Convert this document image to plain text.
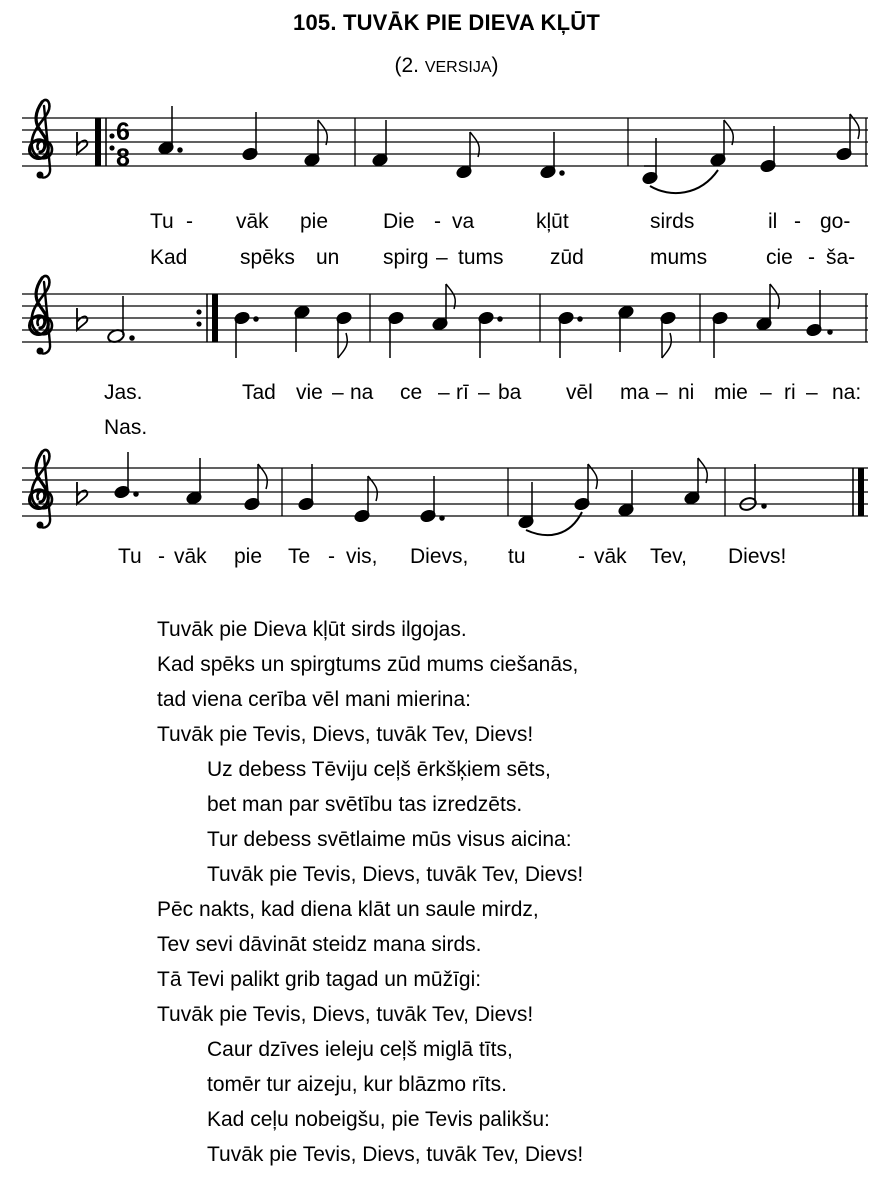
105. TUVĀK PIE DIEVA KĻŪT
(2. VERSIJA)
6
8
Tu - vāk pie	Die - va	kļūt	sirds	il - go-
Kad	spēks un spirg – tums zūd	mums	cie - ša-
Jas.	Tad vie – na ce – rī – ba vēl ma – ni mie – ri – na:
Nas.
Tu - vāk pie Te - vis, Dievs, tu - vāk Tev, Dievs!
Tuvāk pie Dieva kļūt sirds ilgojas.
Kad spēks un spirgtums zūd mums ciešanās,
tad viena cerība vēl mani mierina:
Tuvāk pie Tevis, Dievs, tuvāk Tev, Dievs!
Uz debess Tēviju ceļš ērkšķiem sēts,
bet man par svētību tas izredzēts.
Tur debess svētlaime mūs visus aicina:
Tuvāk pie Tevis, Dievs, tuvāk Tev, Dievs!
Pēc nakts, kad diena klāt un saule mirdz,
Tev sevi dāvināt steidz mana sirds.
Tā Tevi palikt grib tagad un mūžīgi:
Tuvāk pie Tevis, Dievs, tuvāk Tev, Dievs!
Caur dzīves ieleju ceļš miglā tīts,
tomēr tur aizeju, kur blāzmo rīts.
Kad ceļu nobeigšu, pie Tevis palikšu:
Tuvāk pie Tevis, Dievs, tuvāk Tev, Dievs!
